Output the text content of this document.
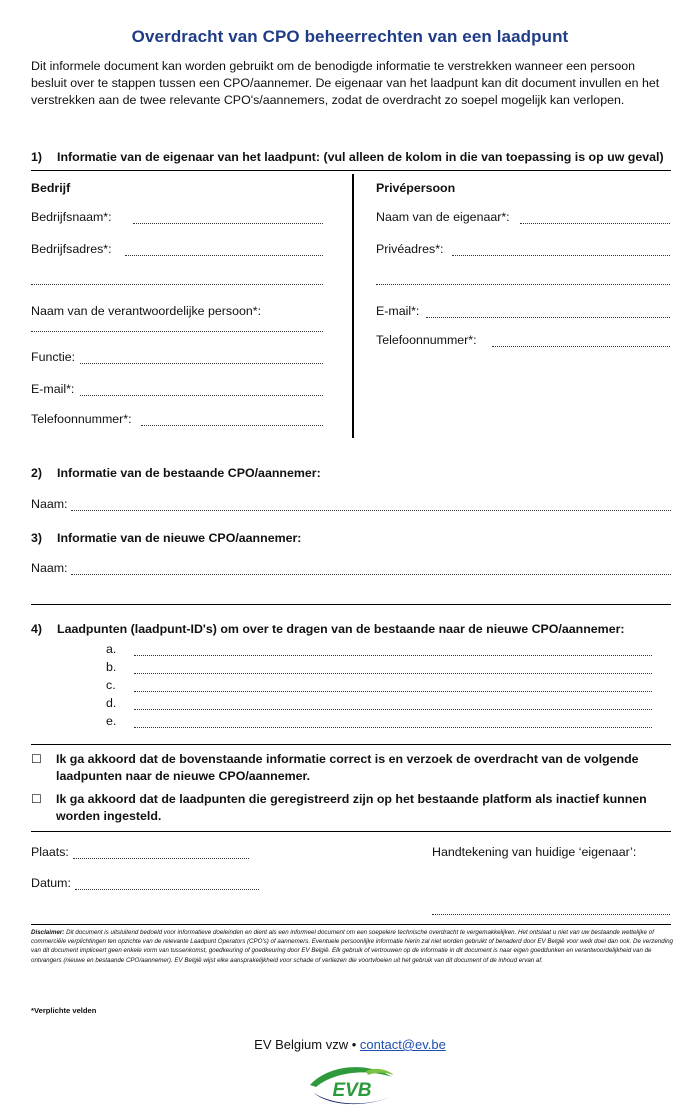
Overdracht van CPO beheerrechten van een laadpunt
Dit informele document kan worden gebruikt om de benodigde informatie te verstrekken wanneer een persoon besluit over te stappen tussen een CPO/aannemer. De eigenaar van het laadpunt kan dit document invullen en het verstrekken aan de twee relevante CPO's/aannemers, zodat de overdracht zo soepel mogelijk kan verlopen.
1) Informatie van de eigenaar van het laadpunt: (vul alleen de kolom in die van toepassing is op uw geval)
Bedrijf
Bedrijfsnaam*:
Bedrijfsadres*:
Naam van de verantwoordelijke persoon*:
Functie:
E-mail*:
Telefoonnummer*:
Privépersoon
Naam van de eigenaar*:
Privéadres*:
E-mail*:
Telefoonnummer*:
2) Informatie van de bestaande CPO/aannemer:
Naam:
3) Informatie van de nieuwe CPO/aannemer:
Naam:
4) Laadpunten (laadpunt-ID's) om over te dragen van de bestaande naar de nieuwe CPO/aannemer:
a.
b.
c.
d.
e.
☐ Ik ga akkoord dat de bovenstaande informatie correct is en verzoek de overdracht van de volgende laadpunten naar de nieuwe CPO/aannemer.
☐ Ik ga akkoord dat de laadpunten die geregistreerd zijn op het bestaande platform als inactief kunnen worden ingesteld.
Plaats:	Handtekening van huidige ‘eigenaar’:
Datum:
Disclaimer: Dit document is uitsluitend bedoeld voor informatieve doeleinden en dient als een informeel document om een soepelere technische overdracht te vergemakkelijken. Het ontslaat u niet van uw bestaande wettelijke of commerciële verplichtingen ten opzichte van de relevante Laadpunt Operators (CPO's) of aannemers. Eventuele persoonlijke informatie hierin zal niet worden gebruikt of benaderd door EV België voor welk doel dan ook. De verzending van dit document impliceert geen enkele vorm van tussenkomst, goedkeuring of goedkeuring door EV België. Elk gebruik of vertrouwen op de informatie in dit document is naar eigen goeddunken en verantwoordelijkheid van de ontvangers (nieuwe en bestaande CPO/aannemer). EV België wijst elke aansprakelijkheid voor schade of verliezen die voortvloeien uit het gebruik van dit document of de inhoud ervan af.
*Verplichte velden
EV Belgium vzw • contact@ev.be
EVB
